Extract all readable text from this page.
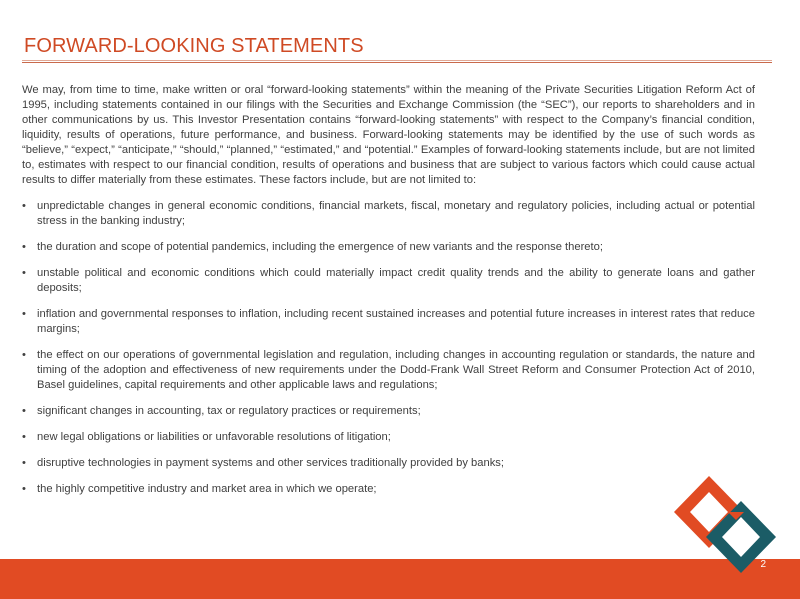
FORWARD-LOOKING STATEMENTS

We may, from time to time, make written or oral “forward-looking statements” within the meaning of the Private Securities Litigation Reform Act of 1995, including statements contained in our filings with the Securities and Exchange Commission (the “SEC”), our reports to shareholders and in other communications by us. This Investor Presentation contains “forward-looking statements” with respect to the Company’s financial condition, liquidity, results of operations, future performance, and business. Forward-looking statements may be identified by the use of such words as “believe,” “expect,” “anticipate,” “should,” “planned,” “estimated,” and “potential.” Examples of forward-looking statements include, but are not limited to, estimates with respect to our financial condition, results of operations and business that are subject to various factors which could cause actual results to differ materially from these estimates. These factors include, but are not limited to:

• unpredictable changes in general economic conditions, financial markets, fiscal, monetary and regulatory policies, including actual or potential stress in the banking industry;
• the duration and scope of potential pandemics, including the emergence of new variants and the response thereto;
• unstable political and economic conditions which could materially impact credit quality trends and the ability to generate loans and gather deposits;
• inflation and governmental responses to inflation, including recent sustained increases and potential future increases in interest rates that reduce margins;
• the effect on our operations of governmental legislation and regulation, including changes in accounting regulation or standards, the nature and timing of the adoption and effectiveness of new requirements under the Dodd-Frank Wall Street Reform and Consumer Protection Act of 2010, Basel guidelines, capital requirements and other applicable laws and regulations;
• significant changes in accounting, tax or regulatory practices or requirements;
• new legal obligations or liabilities or unfavorable resolutions of litigation;
• disruptive technologies in payment systems and other services traditionally provided by banks;
• the highly competitive industry and market area in which we operate;
2
